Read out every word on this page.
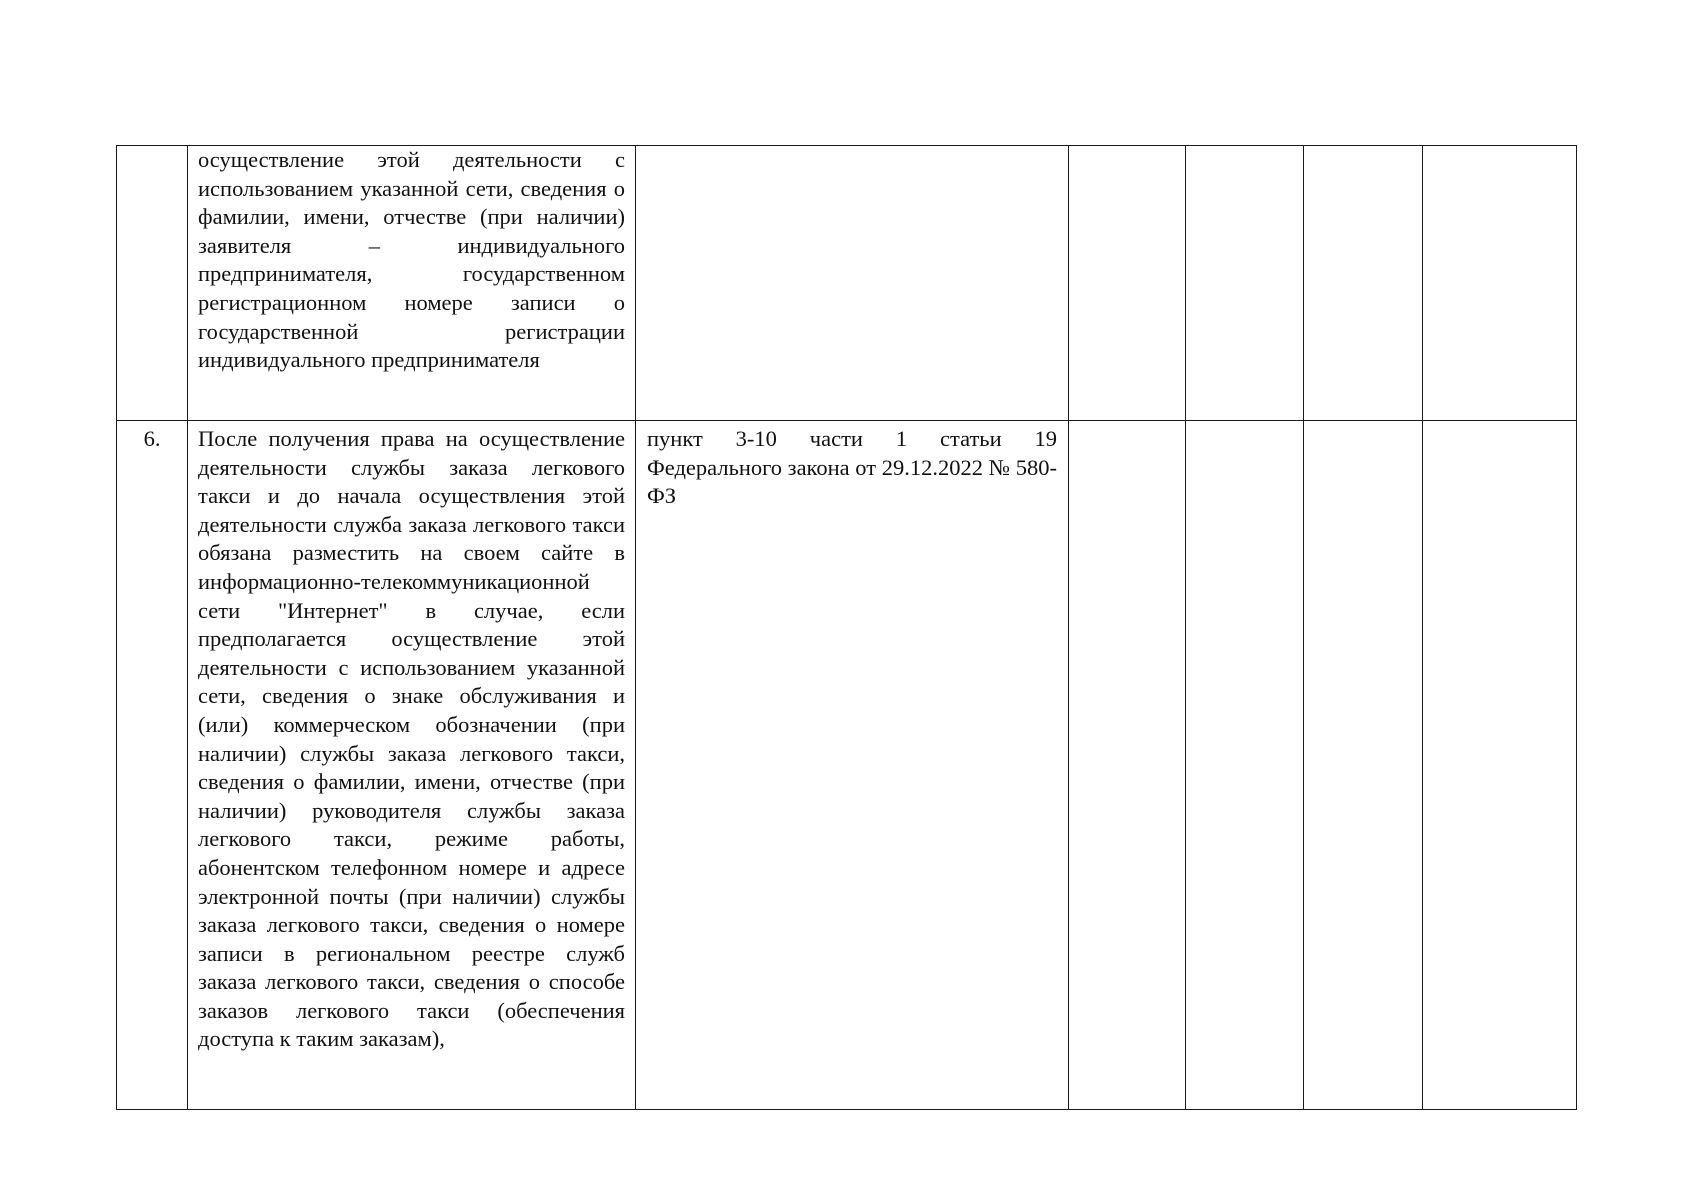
	осуществление этой деятельности с использованием указанной сети, сведения о фамилии, имени, отчестве (при наличии) заявителя – индивидуального предпринимателя, государственном регистрационном номере записи о государственной регистрации индивидуального предпринимателя					

6.	После получения права на осуществление деятельности службы заказа легкового такси и до начала осуществления этой деятельности служба заказа легкового такси обязана разместить на своем сайте в информационно-телекоммуникационной сети "Интернет" в случае, если предполагается осуществление этой деятельности с использованием указанной сети, сведения о знаке обслуживания и (или) коммерческом обозначении (при наличии) службы заказа легкового такси, сведения о фамилии, имени, отчестве (при наличии) руководителя службы заказа легкового такси, режиме работы, абонентском телефонном номере и адресе электронной почты (при наличии) службы заказа легкового такси, сведения о номере записи в региональном реестре служб заказа легкового такси, сведения о способе заказов легкового такси (обеспечения доступа к таким заказам),	пункт 3-10 части 1 статьи 19 Федерального закона от 29.12.2022 № 580-ФЗ				
